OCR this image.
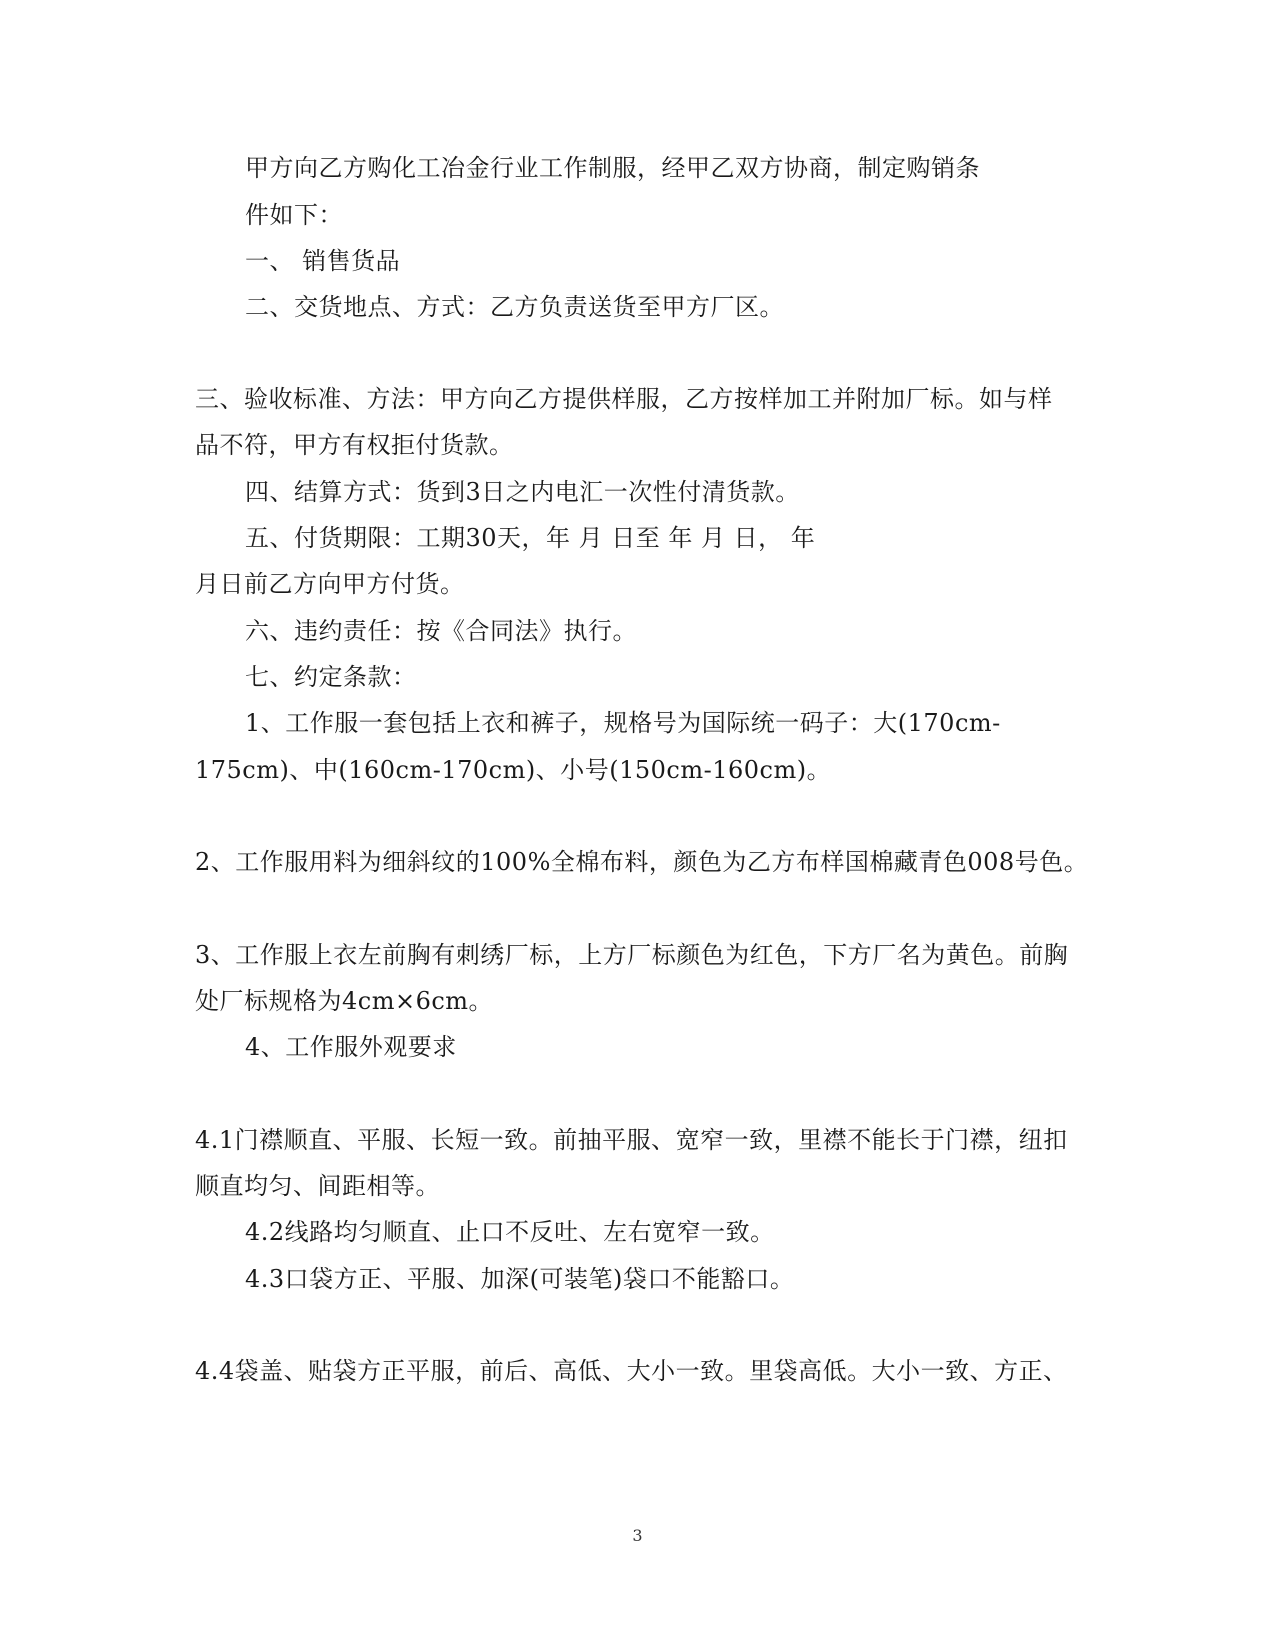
甲方向乙方购化工冶金行业工作制服，经甲乙双方协商，制定购销条
件如下：
一、 销售货品
二、交货地点、方式：乙方负责送货至甲方厂区。
三、验收标准、方法：甲方向乙方提供样服，乙方按样加工并附加厂标。如与样
品不符，甲方有权拒付货款。
四、结算方式：货到3日之内电汇一次性付清货款。
五、付货期限：工期30天，年 月 日至 年 月 日， 年
月日前乙方向甲方付货。
六、违约责任：按《合同法》执行。
七、约定条款：
1、工作服一套包括上衣和裤子，规格号为国际统一码子：大(170cm-
175cm)、中(160cm-170cm)、小号(150cm-160cm)。
2、工作服用料为细斜纹的100%全棉布料，颜色为乙方布样国棉藏青色008号色。
3、工作服上衣左前胸有刺绣厂标，上方厂标颜色为红色，下方厂名为黄色。前胸
处厂标规格为4cm×6cm。
4、工作服外观要求
4.1门襟顺直、平服、长短一致。前抽平服、宽窄一致，里襟不能长于门襟，纽扣
顺直均匀、间距相等。
4.2线路均匀顺直、止口不反吐、左右宽窄一致。
4.3口袋方正、平服、加深(可装笔)袋口不能豁口。
4.4袋盖、贴袋方正平服，前后、高低、大小一致。里袋高低。大小一致、方正、
3
